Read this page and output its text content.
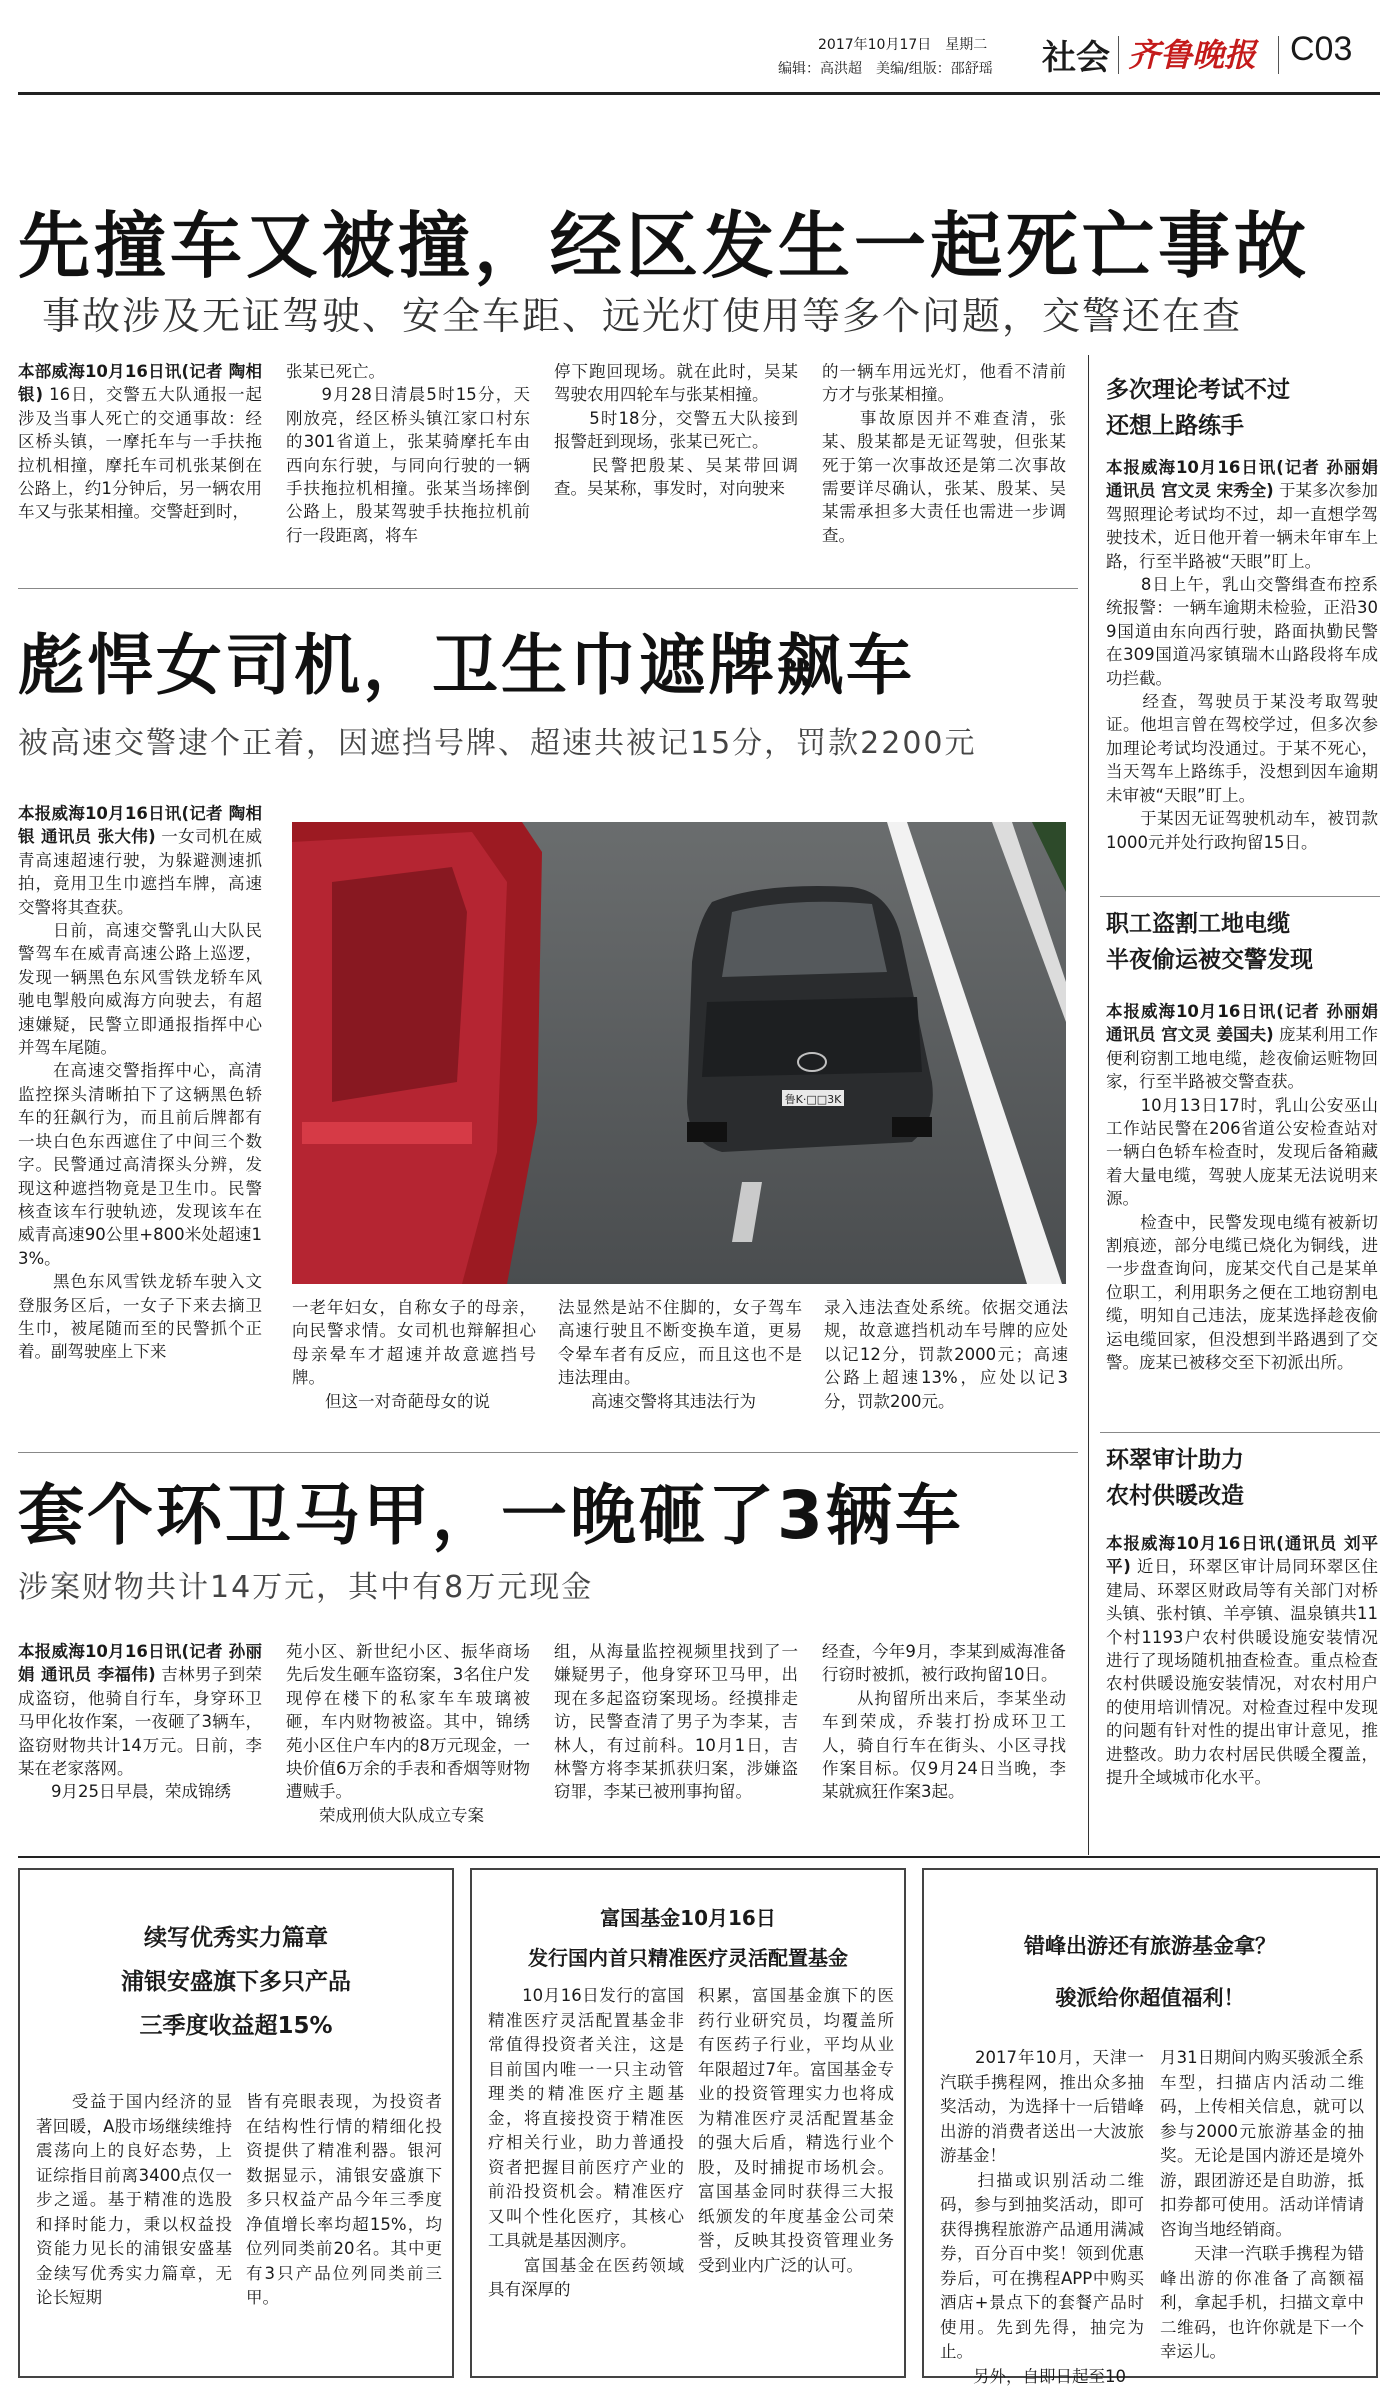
2017年10月17日　星期二
编辑：高洪超　美编/组版：邵舒瑶 社会 齐鲁晚报 C03
先撞车又被撞，经区发生一起死亡事故
事故涉及无证驾驶、安全车距、远光灯使用等多个问题，交警还在查
本部威海10月16日讯(记者 陶相银) 16日，交警五大队通报一起涉及当事人死亡的交通事故：经区桥头镇，一摩托车与一手扶拖拉机相撞，摩托车司机张某倒在公路上，约1分钟后，另一辆农用车又与张某相撞。交警赶到时，
张某已死亡。
　　9月28日清晨5时15分，天刚放亮，经区桥头镇江家口村东的301省道上，张某骑摩托车由西向东行驶，与同向行驶的一辆手扶拖拉机相撞。张某当场摔倒公路上，殷某驾驶手扶拖拉机前行一段距离，将车
停下跑回现场。就在此时，吴某驾驶农用四轮车与张某相撞。
　　5时18分，交警五大队接到报警赶到现场，张某已死亡。
　　民警把殷某、吴某带回调查。吴某称，事发时，对向驶来
的一辆车用远光灯，他看不清前方才与张某相撞。
　　事故原因并不难查清，张某、殷某都是无证驾驶，但张某死于第一次事故还是第二次事故需要详尽确认，张某、殷某、吴某需承担多大责任也需进一步调查。
彪悍女司机，卫生巾遮牌飙车
被高速交警逮个正着，因遮挡号牌、超速共被记15分，罚款2200元
本报威海10月16日讯(记者 陶相银 通讯员 张大伟) 一女司机在威青高速超速行驶，为躲避测速抓拍，竟用卫生巾遮挡车牌，高速交警将其查获。
　　日前，高速交警乳山大队民警驾车在威青高速公路上巡逻，发现一辆黑色东风雪铁龙轿车风驰电掣般向威海方向驶去，有超速嫌疑，民警立即通报指挥中心并驾车尾随。
　　在高速交警指挥中心，高清监控探头清晰拍下了这辆黑色轿车的狂飙行为，而且前后牌都有一块白色东西遮住了中间三个数字。民警通过高清探头分辨，发现这种遮挡物竟是卫生巾。民警核查该车行驶轨迹，发现该车在威青高速90公里+800米处超速13%。
　　黑色东风雪铁龙轿车驶入文登服务区后，一女子下来去摘卫生巾，被尾随而至的民警抓个正着。副驾驶座上下来
鲁K·□□3K
一老年妇女，自称女子的母亲，向民警求情。女司机也辩解担心母亲晕车才超速并故意遮挡号牌。
　　但这一对奇葩母女的说
法显然是站不住脚的，女子驾车高速行驶且不断变换车道，更易令晕车者有反应，而且这也不是违法理由。
　　高速交警将其违法行为
录入违法查处系统。依据交通法规，故意遮挡机动车号牌的应处以记12分，罚款2000元；高速公路上超速13%，应处以记3分，罚款200元。
套个环卫马甲，一晚砸了3辆车
涉案财物共计14万元，其中有8万元现金
本报威海10月16日讯(记者 孙丽娟 通讯员 李福伟) 吉林男子到荣成盗窃，他骑自行车，身穿环卫马甲化妆作案，一夜砸了3辆车，盗窃财物共计14万元。日前，李某在老家落网。
　　9月25日早晨，荣成锦绣
苑小区、新世纪小区、振华商场先后发生砸车盗窃案，3名住户发现停在楼下的私家车车玻璃被砸，车内财物被盗。其中，锦绣苑小区住户车内的8万元现金，一块价值6万余的手表和香烟等财物遭贼手。
　　荣成刑侦大队成立专案
组，从海量监控视频里找到了一嫌疑男子，他身穿环卫马甲，出现在多起盗窃案现场。经摸排走访，民警查清了男子为李某，吉林人，有过前科。10月1日，吉林警方将李某抓获归案，涉嫌盗窃罪，李某已被刑事拘留。
经查，今年9月，李某到威海准备行窃时被抓，被行政拘留10日。
　　从拘留所出来后，李某坐动车到荣成，乔装打扮成环卫工人，骑自行车在街头、小区寻找作案目标。仅9月24日当晚，李某就疯狂作案3起。
多次理论考试不过
还想上路练手
本报威海10月16日讯(记者 孙丽娟 通讯员 宫文灵 宋秀全) 于某多次参加驾照理论考试均不过，却一直想学驾驶技术，近日他开着一辆未年审车上路，行至半路被“天眼”盯上。
　　8日上午，乳山交警缉查布控系统报警：一辆车逾期未检验，正沿309国道由东向西行驶，路面执勤民警在309国道冯家镇瑞木山路段将车成功拦截。
　　经查，驾驶员于某没考取驾驶证。他坦言曾在驾校学过，但多次参加理论考试均没通过。于某不死心，当天驾车上路练手，没想到因车逾期未审被“天眼”盯上。
　　于某因无证驾驶机动车，被罚款1000元并处行政拘留15日。
职工盗割工地电缆
半夜偷运被交警发现
本报威海10月16日讯(记者 孙丽娟 通讯员 宫文灵 姜国夫) 庞某利用工作便利窃割工地电缆，趁夜偷运赃物回家，行至半路被交警查获。
　　10月13日17时，乳山公安巫山工作站民警在206省道公安检查站对一辆白色轿车检查时，发现后备箱藏着大量电缆，驾驶人庞某无法说明来源。
　　检查中，民警发现电缆有被新切割痕迹，部分电缆已烧化为铜线，进一步盘查询问，庞某交代自己是某单位职工，利用职务之便在工地窃割电缆，明知自己违法，庞某选择趁夜偷运电缆回家，但没想到半路遇到了交警。庞某已被移交至下初派出所。
环翠审计助力
农村供暖改造
本报威海10月16日讯(通讯员 刘平平) 近日，环翠区审计局同环翠区住建局、环翠区财政局等有关部门对桥头镇、张村镇、羊亭镇、温泉镇共11个村1193户农村供暖设施安装情况进行了现场随机抽查检查。重点检查农村供暖设施安装情况，对农村用户的使用培训情况。对检查过程中发现的问题有针对性的提出审计意见，推进整改。助力农村居民供暖全覆盖，提升全域城市化水平。
续写优秀实力篇章
浦银安盛旗下多只产品
三季度收益超15%
　　受益于国内经济的显著回暖，A股市场继续维持震荡向上的良好态势，上证综指目前离3400点仅一步之遥。基于精准的选股和择时能力，秉以权益投资能力见长的浦银安盛基金续写优秀实力篇章，无论长短期
皆有亮眼表现，为投资者在结构性行情的精细化投资提供了精准利器。银河数据显示，浦银安盛旗下多只权益产品今年三季度净值增长率均超15%，均位列同类前20名。其中更有3只产品位列同类前三甲。
富国基金10月16日
发行国内首只精准医疗灵活配置基金
　　10月16日发行的富国精准医疗灵活配置基金非常值得投资者关注，这是目前国内唯一一只主动管理类的精准医疗主题基金，将直接投资于精准医疗相关行业，助力普通投资者把握目前医疗产业的前沿投资机会。精准医疗又叫个性化医疗，其核心工具就是基因测序。
　　富国基金在医药领域具有深厚的
积累，富国基金旗下的医药行业研究员，均覆盖所有医药子行业，平均从业年限超过7年。富国基金专业的投资管理实力也将成为精准医疗灵活配置基金的强大后盾，精选行业个股，及时捕捉市场机会。富国基金同时获得三大报纸颁发的年度基金公司荣誉，反映其投资管理业务受到业内广泛的认可。
错峰出游还有旅游基金拿？
骏派给你超值福利！
　　2017年10月，天津一汽联手携程网，推出众多抽奖活动，为选择十一后错峰出游的消费者送出一大波旅游基金！
　　扫描或识别活动二维码，参与到抽奖活动，即可获得携程旅游产品通用满减券，百分百中奖！领到优惠券后，可在携程APP中购买酒店+景点下的套餐产品时使用。先到先得，抽完为止。
　　另外，自即日起至10
月31日期间内购买骏派全系车型，扫描店内活动二维码，上传相关信息，就可以参与2000元旅游基金的抽奖。无论是国内游还是境外游，跟团游还是自助游，抵扣券都可使用。活动详情请咨询当地经销商。
　　天津一汽联手携程为错峰出游的你准备了高额福利，拿起手机，扫描文章中二维码，也许你就是下一个幸运儿。
